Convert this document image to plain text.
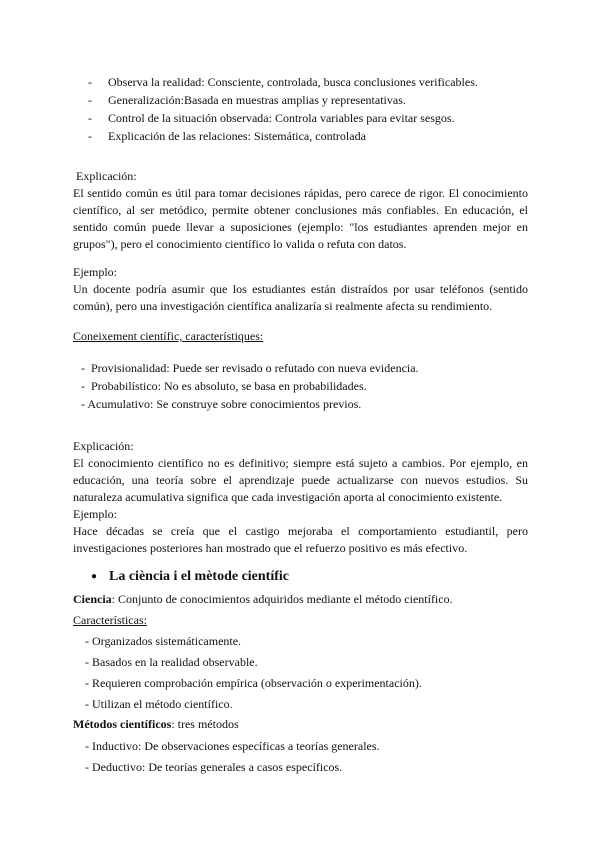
-	Observa la realidad: Consciente, controlada, busca conclusiones verificables.
-	Generalización:Basada en muestras amplias y representativas.
-	Control de la situación observada: Controla variables para evitar sesgos.
-	Explicación de las relaciones: Sistemática, controlada
Explicación:
El sentido común es útil para tomar decisiones rápidas, pero carece de rigor. El conocimiento científico, al ser metódico, permite obtener conclusiones más confiables. En educación, el sentido común puede llevar a suposiciones (ejemplo: "los estudiantes aprenden mejor en grupos"), pero el conocimiento científico lo valida o refuta con datos.
Ejemplo:
Un docente podría asumir que los estudiantes están distraídos por usar teléfonos (sentido común), pero una investigación científica analizaría si realmente afecta su rendimiento.
Coneixement científic, característiques:
-  Provisionalidad: Puede ser revisado o refutado con nueva evidencia.
-  Probabilístico: No es absoluto, se basa en probabilidades.
- Acumulativo: Se construye sobre conocimientos previos.
Explicación:
El conocimiento científico no es definitivo; siempre está sujeto a cambios. Por ejemplo, en educación, una teoría sobre el aprendizaje puede actualizarse con nuevos estudios. Su naturaleza acumulativa significa que cada investigación aporta al conocimiento existente.
Ejemplo:
Hace décadas se creía que el castigo mejoraba el comportamiento estudiantil, pero investigaciones posteriores han mostrado que el refuerzo positivo es más efectivo.
● La ciència i el mètode científic
Ciencia: Conjunto de conocimientos adquiridos mediante el método científico.
Características:
- Organizados sistemáticamente.
- Basados en la realidad observable.
- Requieren comprobación empírica (observación o experimentación).
- Utilizan el método científico.
Métodos científicos: tres métodos
- Inductivo: De observaciones específicas a teorías generales.
- Deductivo: De teorías generales a casos específicos.
